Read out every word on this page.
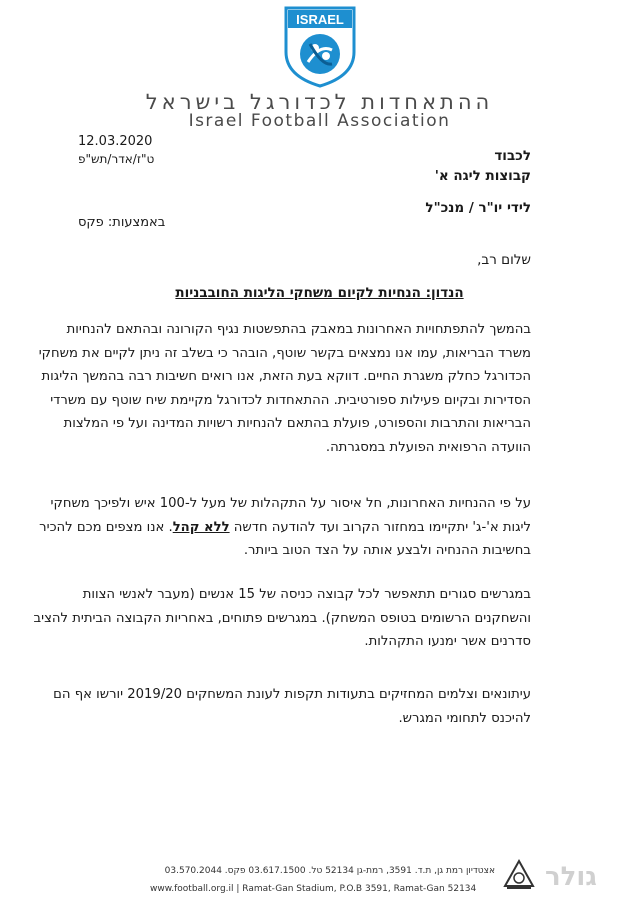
ISRAEL
ההתאחדות לכדורגל בישראל
Israel Football Association
12.03.2020
ט"ז/אדר/תש"פ	לכבוד
קבוצות ליגה א'
לידי יו"ר / מנכ"ל
באמצעות: פקס
שלום רב,
הנדון: הנחיות לקיום משחקי הליגות החובבניות

בהמשך להתפתחויות האחרונות במאבק בהתפשטות נגיף הקורונה ובהתאם להנחיות

משרד הבריאות, עמו אנו נמצאים בקשר שוטף, הובהר כי בשלב זה ניתן לקיים את משחקי

הכדורגל כחלק משגרת החיים. דווקא בעת הזאת, אנו רואים חשיבות רבה בהמשך הליגות

הסדירות ובקיום פעילות ספורטיבית. ההתאחדות לכדורגל מקיימת שיח שוטף עם משרדי

הבריאות והתרבות והספורט, פועלת בהתאם להנחיות רשויות המדינה ועל פי המלצות

הוועדה הרפואית הפועלת במסגרתה.

על פי ההנחיות האחרונות, חל איסור על התקהלות של מעל ל-100 איש ולפיכך משחקי

ליגות א'-ג' יתקיימו במחזור הקרוב ועד להודעה חדשה ללא קהל. אנו מצפים מכם להכיר

בחשיבות ההנחיה ולבצע אותה על הצד הטוב ביותר.

במגרשים סגורים תתאפשר לכל קבוצה כניסה של 15 אנשים (מעבר לאנשי הצוות

והשחקנים הרשומים בטופס המשחק). במגרשים פתוחים, באחריות הקבוצה הביתית להציב

סדרנים אשר ימנעו התקהלות.

עיתונאים וצלמים המחזיקים בתעודות תקפות לעונת המשחקים 2019/20 יורשו אף הם

להיכנס לתחומי המגרש.

אצטדיון רמת גן, ת.ד. 3591, רמת-גן 52134 טל. 03.617.1500 פקס. 03.570.2044
www.football.org.il | Ramat-Gan Stadium, P.O.B 3591, Ramat-Gan 52134	גולר
